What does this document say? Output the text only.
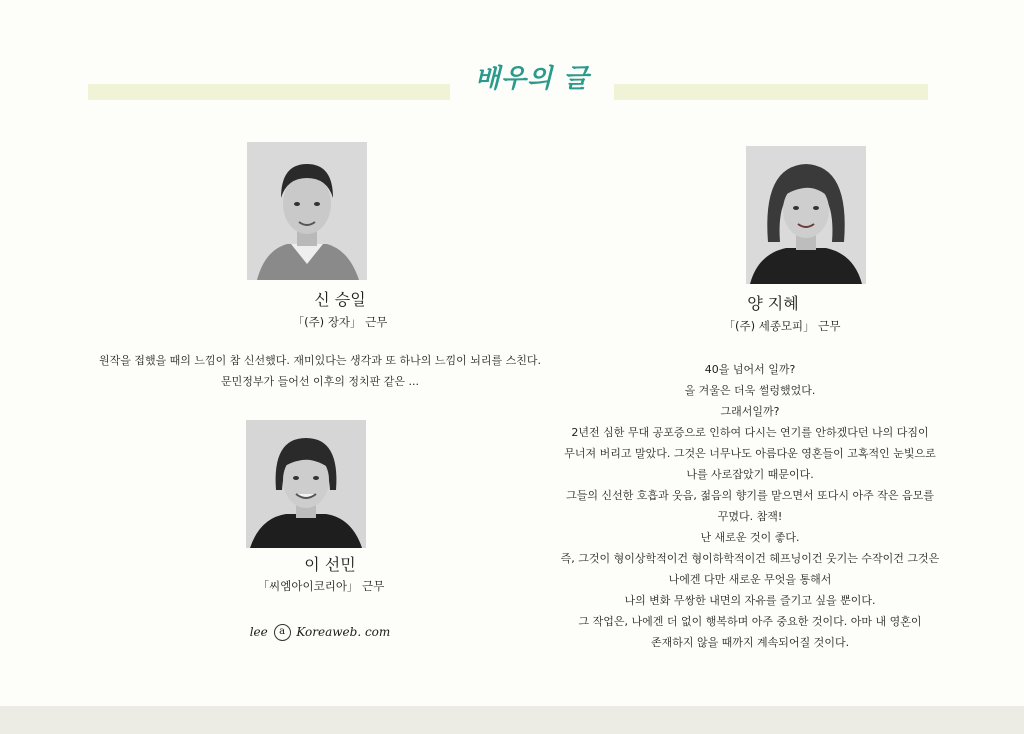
배우의 글
신 승일
「(주) 장자」 근무
원작을 접했을 때의 느낌이 참 신선했다. 재미있다는 생각과 또 하나의 느낌이 뇌리를 스친다.
문민정부가 들어선 이후의 정치판 같은 ...
이 선민
「씨엠아이코리아」 근무
lee a Koreaweb. com
양 지혜
「(주) 세종모피」 근무
40을 넘어서 일까?
올 겨울은 더욱 썰렁했었다.
그래서일까?
2년전 심한 무대 공포증으로 인하여 다시는 연기를 안하겠다던 나의 다짐이
무너져 버리고 말았다. 그것은 너무나도 아름다운 영혼들이 고혹적인 눈빛으로
나를 사로잡았기 때문이다.
그들의 신선한 호흡과 웃음, 젊음의 향기를 맡으면서 또다시 아주 작은 음모를
꾸몄다. 참잭!
난 새로운 것이 좋다.
즉, 그것이 형이상학적이건 형이하학적이건 헤프닝이건 웃기는 수작이건 그것은
나에겐 다만 새로운 무엇을 통해서
나의 변화 무쌍한 내면의 자유를 즐기고 싶을 뿐이다.
그 작업은, 나에겐 더 없이 행복하며 아주 중요한 것이다. 아마 내 영혼이
존재하지 않을 때까지 계속되어질 것이다.
